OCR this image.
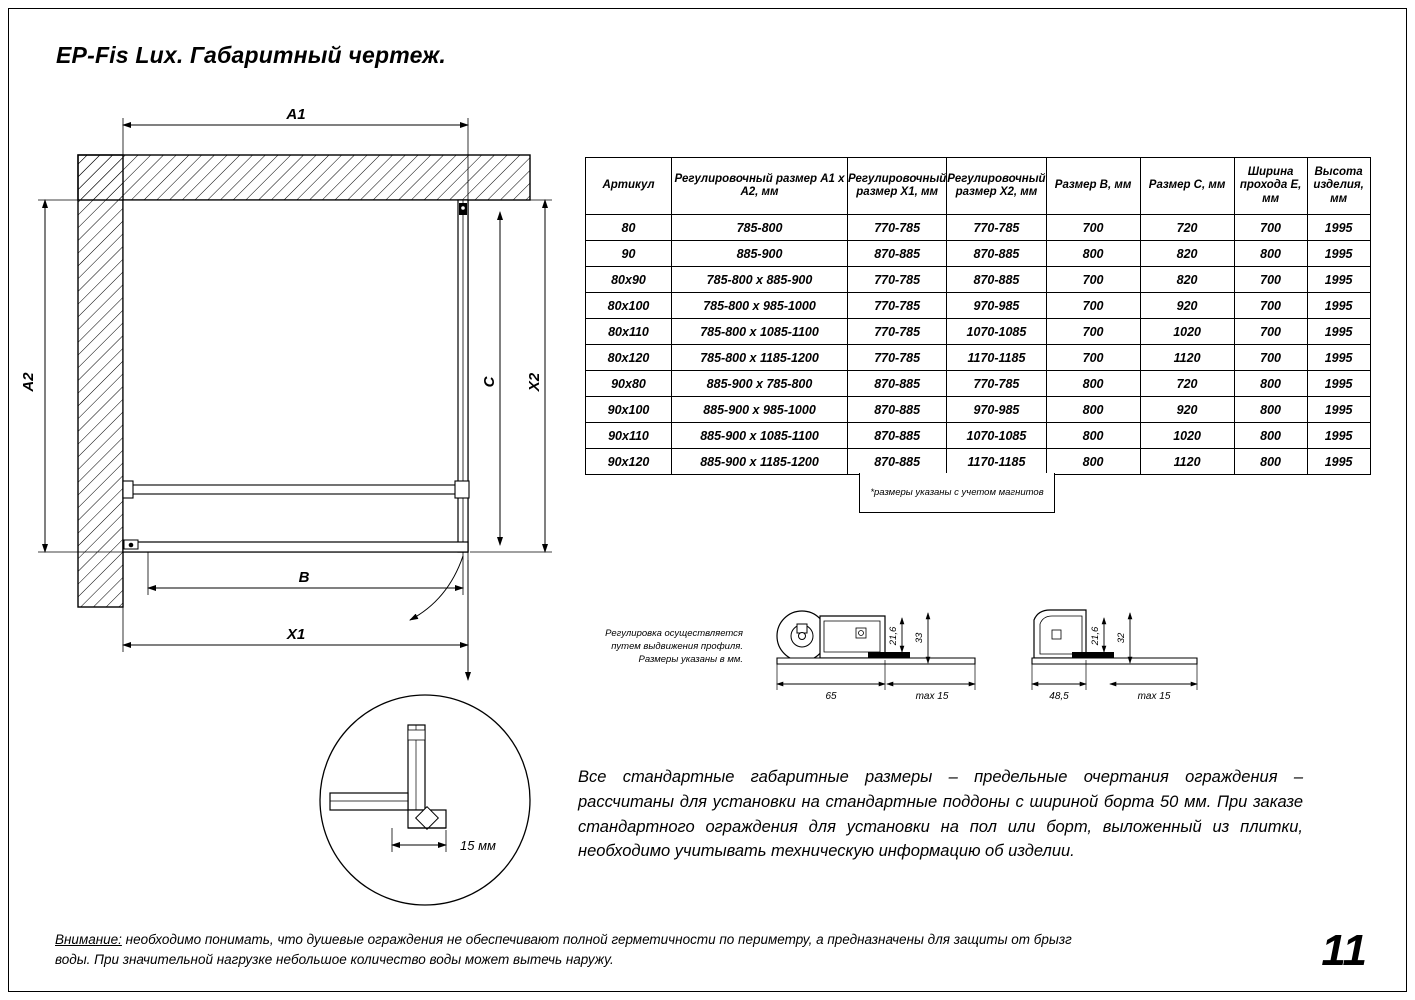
EP-Fis Lux. Габаритный чертеж.
A1
A2	X2
C
B
X1
15 мм
Артикул	Регулировочный размер A1 x A2, мм	Регулировочный размер X1, мм	Регулировочный размер X2, мм	Размер B, мм	Размер C, мм	Ширина прохода E, мм	Высота изделия, мм
80	785-800	770-785	770-785	700	720	700	1995
90	885-900	870-885	870-885	800	820	800	1995
80x90	785-800 x 885-900	770-785	870-885	700	820	700	1995
80x100	785-800 x 985-1000	770-785	970-985	700	920	700	1995
80x110	785-800 x 1085-1100	770-785	1070-1085	700	1020	700	1995
80x120	785-800 x 1185-1200	770-785	1170-1185	700	1120	700	1995
90x80	885-900 x 785-800	870-885	770-785	800	720	800	1995
90x100	885-900 x 985-1000	870-885	970-985	800	920	800	1995
90x110	885-900 x 1085-1100	870-885	1070-1085	800	1020	800	1995
90x120	885-900 x 1185-1200	870-885	1170-1185	800	1120	800	1995
*размеры указаны с учетом магнитов
Регулировка осуществляется путем выдвижения профиля. Размеры указаны в мм.
21,6 33
65	max 15
21,6 32
48,5	max 15
Все стандартные габаритные размеры – предельные очертания ограждения – рассчитаны для установки на стандартные поддоны с шириной борта 50 мм. При заказе стандартного ограждения для установки на пол или борт, выложенный из плитки, необходимо учитывать техническую информацию об изделии.
Внимание: необходимо понимать, что душевые ограждения не обеспечивают полной герметичности по периметру, а предназначены для защиты от брызг воды. При значительной нагрузке небольшое количество воды может вытечь наружу.	11
